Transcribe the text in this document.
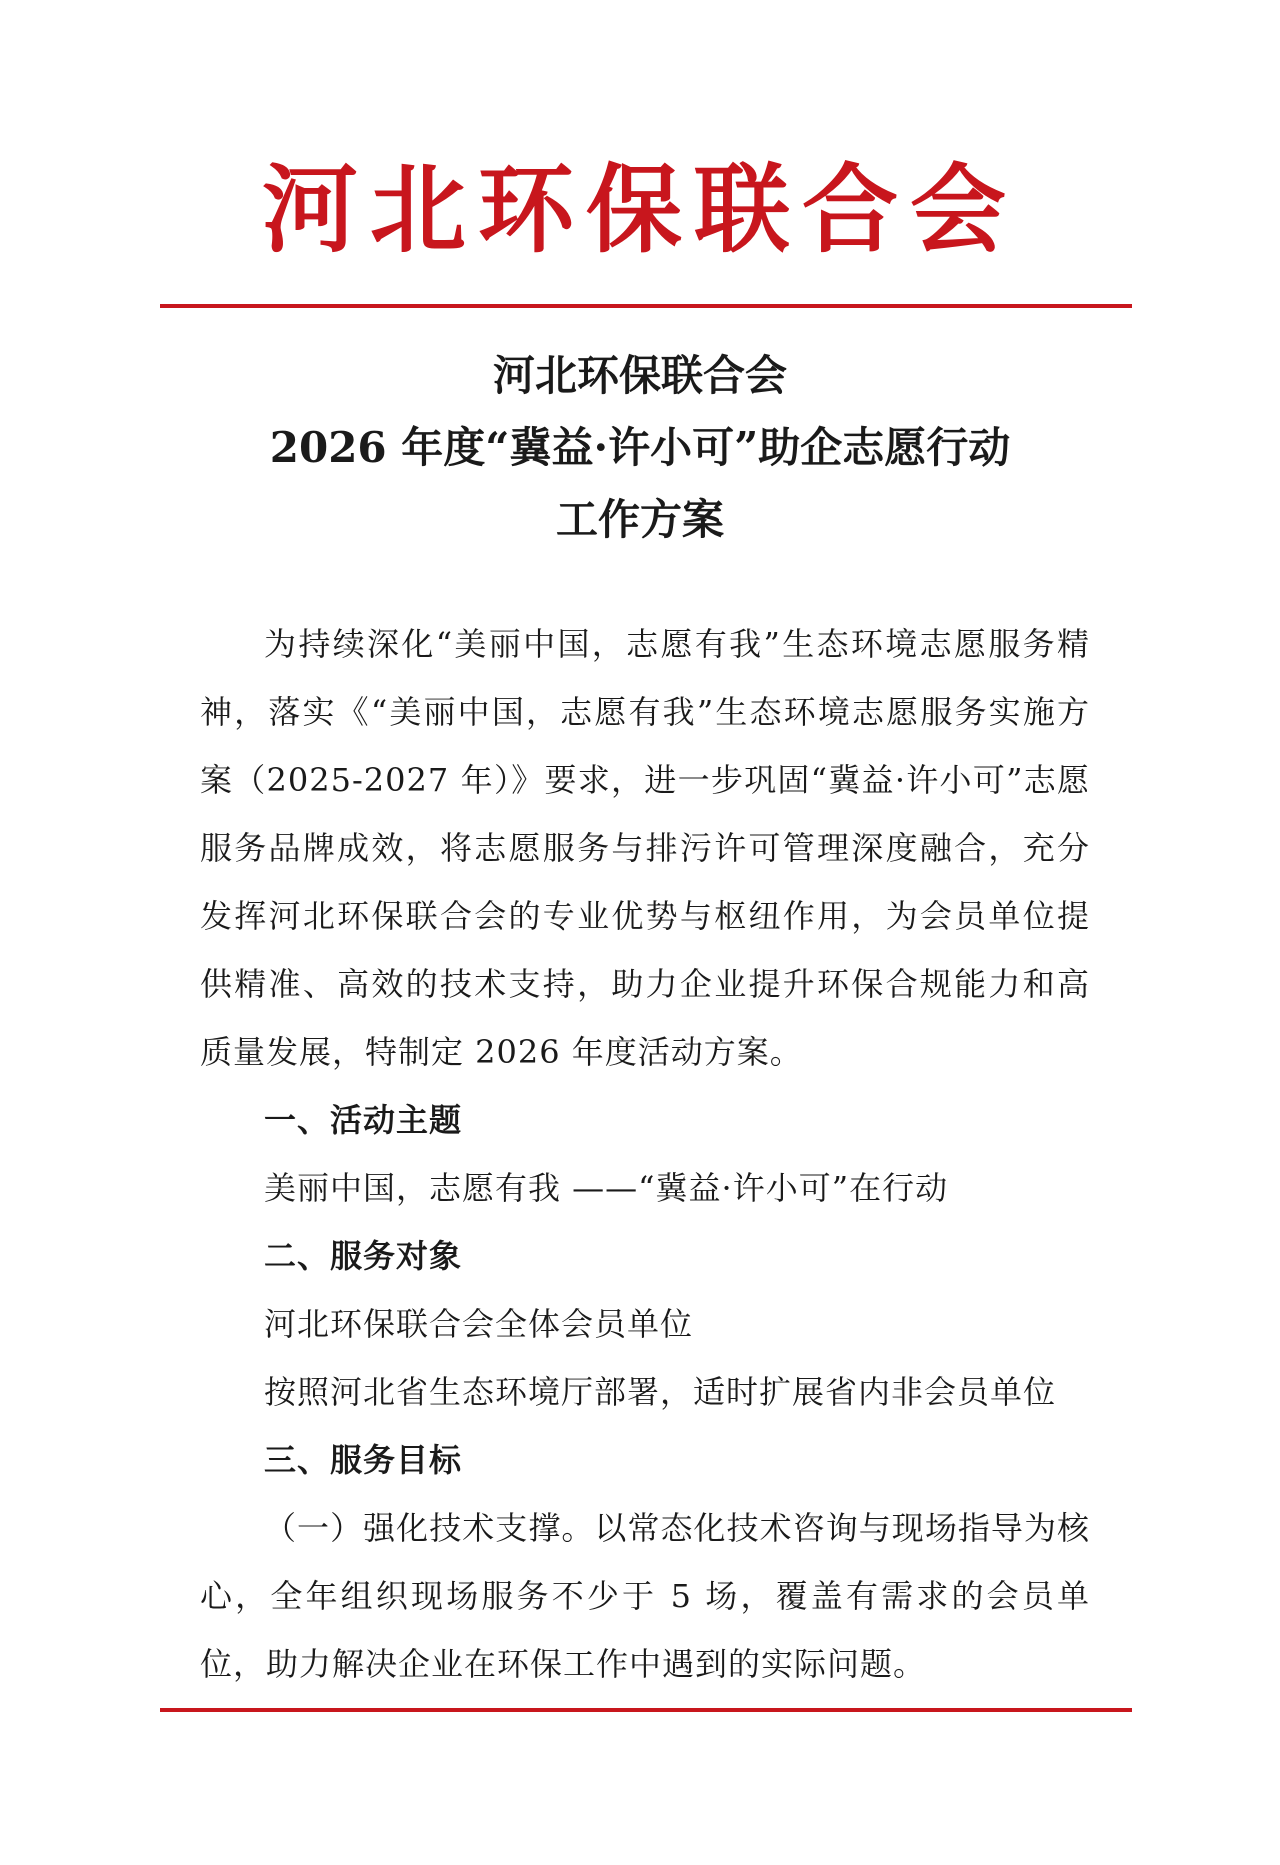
河北环保联合会
河北环保联合会
2026 年度“冀益·许小可”助企志愿行动
工作方案

为持续深化“美丽中国，志愿有我”生态环境志愿服务精神，落实《“美丽中国，志愿有我”生态环境志愿服务实施方案（2025-2027 年）》要求，进一步巩固“冀益·许小可”志愿服务品牌成效，将志愿服务与排污许可管理深度融合，充分发挥河北环保联合会的专业优势与枢纽作用，为会员单位提供精准、高效的技术支持，助力企业提升环保合规能力和高质量发展，特制定 2026 年度活动方案。

一、活动主题

美丽中国，志愿有我 ——“冀益·许小可”在行动

二、服务对象

河北环保联合会全体会员单位

按照河北省生态环境厅部署，适时扩展省内非会员单位

三、服务目标

（一）强化技术支撑。以常态化技术咨询与现场指导为核心，全年组织现场服务不少于 5 场，覆盖有需求的会员单位，助力解决企业在环保工作中遇到的实际问题。
